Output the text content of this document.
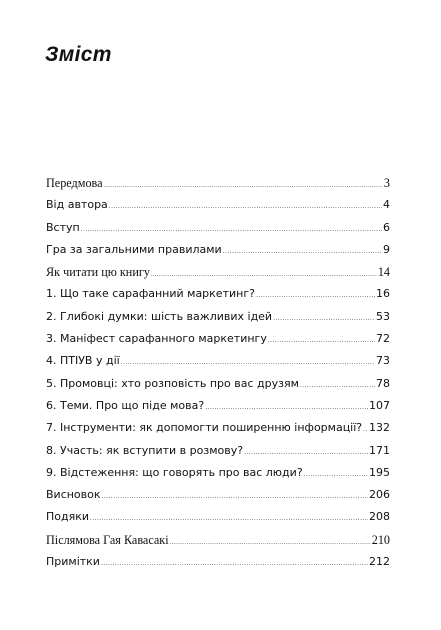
Зміст
Передмова .....	3
Від автора .....	4
Вступ .....	6
Гра за загальними правилами .....	9
Як читати цю книгу .....	14
1. Що таке сарафанний маркетинг? .....	16
2. Глибокі думки: шість важливих ідей .....	53
3. Маніфест сарафанного маркетингу .....	72
4. ПТІУВ у дії .....	73
5. Промовці: хто розповість про вас друзям .....	78
6. Теми. Про що піде мова? .....	107
7. Інструменти: як допомогти поширенню інформації? ..... 132
8. Участь: як вступити в розмову? .....	171
9. Відстеження: що говорять про вас люди? .....	195
Висновок .....	206
Подяки .....	208
Післямова Гая Кавасакі .....	210
Примітки .....	212
